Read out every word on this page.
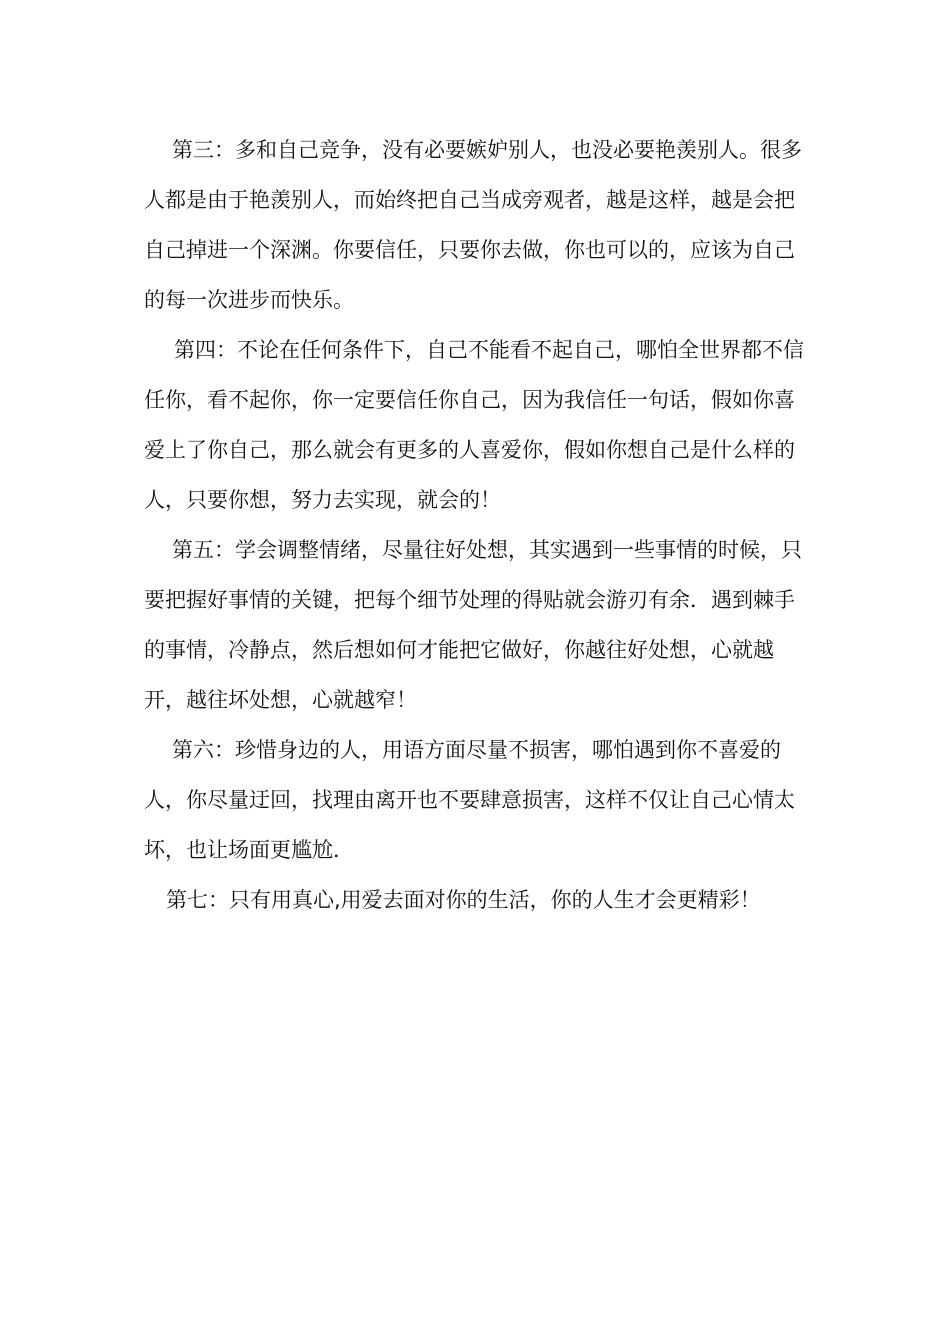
第三：多和自己竞争，没有必要嫉妒别人，也没必要艳羡别人。很多人都是由于艳羡别人，而始终把自己当成旁观者，越是这样，越是会把自己掉进一个深渊。你要信任，只要你去做，你也可以的，应该为自己的每一次进步而快乐。

第四：不论在任何条件下，自己不能看不起自己，哪怕全世界都不信任你，看不起你，你一定要信任你自己，因为我信任一句话，假如你喜爱上了你自己，那么就会有更多的人喜爱你，假如你想自己是什么样的人，只要你想，努力去实现，就会的！

第五：学会调整情绪，尽量往好处想，其实遇到一些事情的时候，只要把握好事情的关键，把每个细节处理的得贴就会游刃有余．遇到棘手的事情，冷静点，然后想如何才能把它做好，你越往好处想，心就越开，越往坏处想，心就越窄！

第六：珍惜身边的人，用语方面尽量不损害，哪怕遇到你不喜爱的人，你尽量迂回，找理由离开也不要肆意损害，这样不仅让自己心情太坏，也让场面更尴尬．

第七：只有用真心,用爱去面对你的生活，你的人生才会更精彩！
